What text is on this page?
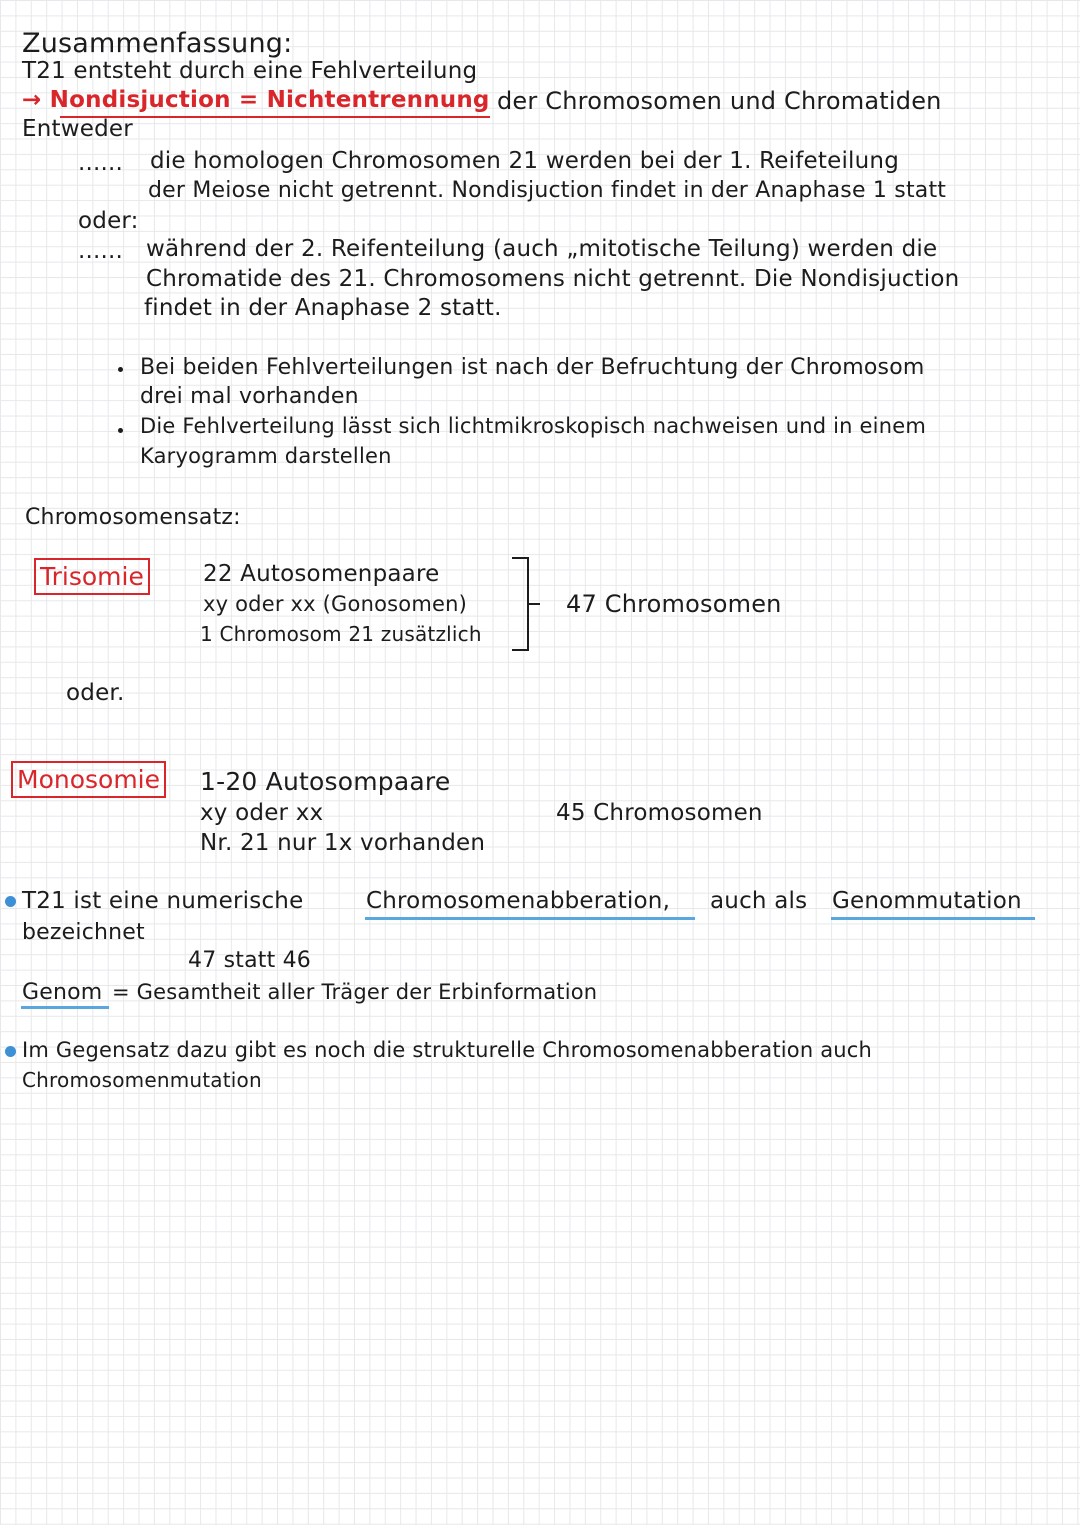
Zusammenfassung:
T21 entsteht durch eine Fehlverteilung
→ Nondisjuction = Nichtentrennung der Chromosomen und Chromatiden
Entweder
...... die homologen Chromosomen 21 werden bei der 1. Reifeteilung
der Meiose nicht getrennt. Nondisjuction findet in der Anaphase 1 statt
oder:
...... während der 2. Reifenteilung (auch „mitotische Teilung) werden die
Chromatide des 21. Chromosomens nicht getrennt. Die Nondisjuction
findet in der Anaphase 2 statt.
Bei beiden Fehlverteilungen ist nach der Befruchtung der Chromosom
drei mal vorhanden
Die Fehlverteilung lässt sich lichtmikroskopisch nachweisen und in einem
Karyogramm darstellen
Chromosomensatz:
Trisomie	22 Autosomenpaare
xy oder xx (Gonosomen)
1 Chromosom 21 zusätzlich
47 Chromosomen
oder.
Monosomie 1-20 Autosompaare
xy oder xx
Nr. 21 nur 1x vorhanden
45 Chromosomen
T21 ist eine numerische	Chromosomenabberation, auch als Genommutation
bezeichnet
47 statt 46
Genom = Gesamtheit aller Träger der Erbinformation
Im Gegensatz dazu gibt es noch die strukturelle Chromosomenabberation auch
Chromosomenmutation
